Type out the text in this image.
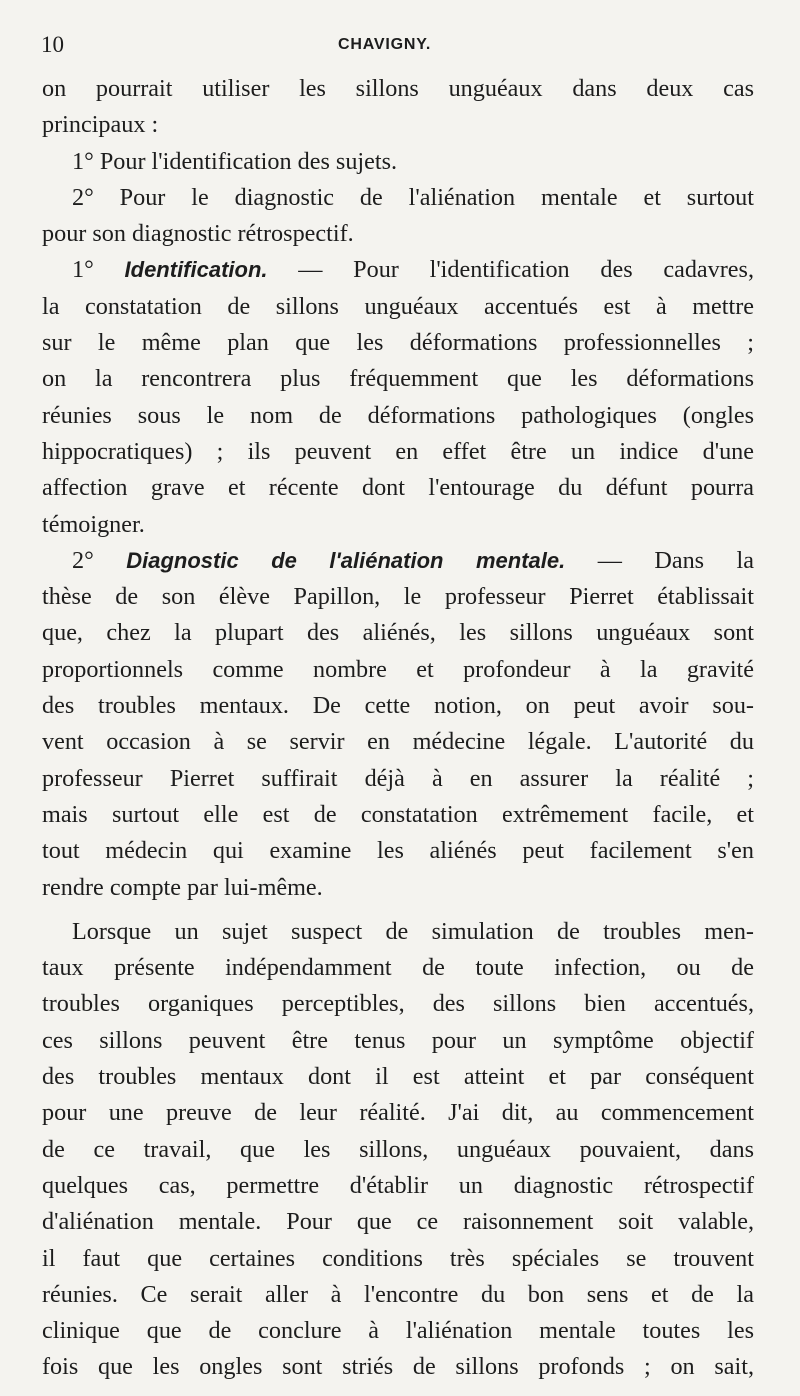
10	CHAVIGNY.
on pourrait utiliser les sillons unguéaux dans deux cas
principaux :
1° Pour l'identification des sujets.
2° Pour le diagnostic de l'aliénation mentale et surtout
pour son diagnostic rétrospectif.
1° Identification. — Pour l'identification des cadavres,
la constatation de sillons unguéaux accentués est à mettre
sur le même plan que les déformations professionnelles ;
on la rencontrera plus fréquemment que les déformations
réunies sous le nom de déformations pathologiques (ongles
hippocratiques) ; ils peuvent en effet être un indice d'une
affection grave et récente dont l'entourage du défunt pourra
témoigner.
2° Diagnostic de l'aliénation mentale. — Dans la
thèse de son élève Papillon, le professeur Pierret établissait
que, chez la plupart des aliénés, les sillons unguéaux sont
proportionnels comme nombre et profondeur à la gravité
des troubles mentaux. De cette notion, on peut avoir sou-
vent occasion à se servir en médecine légale. L'autorité du
professeur Pierret suffirait déjà à en assurer la réalité ;
mais surtout elle est de constatation extrêmement facile, et
tout médecin qui examine les aliénés peut facilement s'en
rendre compte par lui-même.
Lorsque un sujet suspect de simulation de troubles men-
taux présente indépendamment de toute infection, ou de
troubles organiques perceptibles, des sillons bien accentués,
ces sillons peuvent être tenus pour un symptôme objectif
des troubles mentaux dont il est atteint et par conséquent
pour une preuve de leur réalité. J'ai dit, au commencement
de ce travail, que les sillons, unguéaux pouvaient, dans
quelques cas, permettre d'établir un diagnostic rétrospectif
d'aliénation mentale. Pour que ce raisonnement soit valable,
il faut que certaines conditions très spéciales se trouvent
réunies. Ce serait aller à l'encontre du bon sens et de la
clinique que de conclure à l'aliénation mentale toutes les
fois que les ongles sont striés de sillons profonds ; on sait,
